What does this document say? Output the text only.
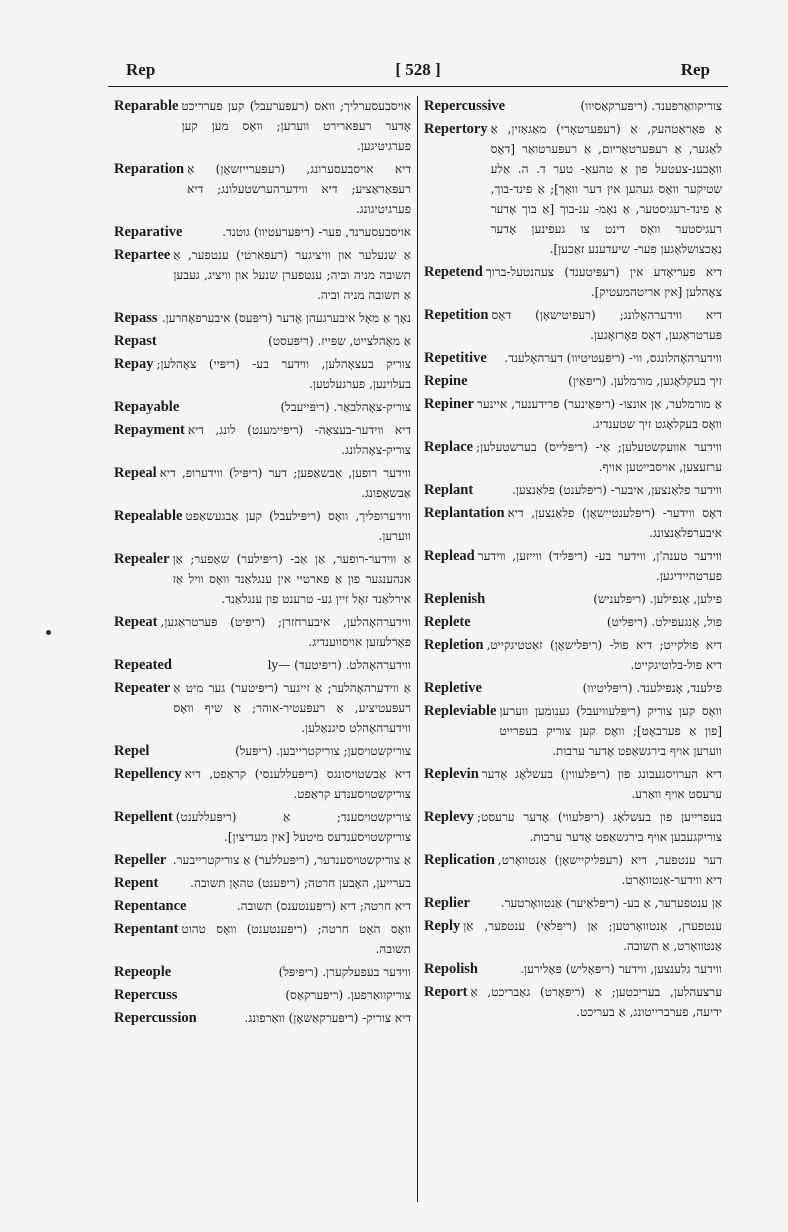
Rep	[ 528 ]	Rep
Reparable אויסבעסערליך; וואס (רעפּערעבל) קען פערריכט אָדער רעפּארירט ווערען; וואָס מען קען פערגיטיגען.
Reparation דיא אויסבעסערונג, (רעפּערייזשאָן) אַ רעפּאַראַציע; דיא ווידערהערשטעלונג; דיא פערגיטיגונג.
Reparative	אויסבעסערנד, פער- (ריפּערעטיוו) גוטנד.
Repartee אַ שנעלער און וויציגער (רעפּארטי) ענטפער, אַ תשובה מניה וביה; ענטפערן שנעל און וויציג, געבען אַ תשובה מניה וביה.
Repass נאָך אַ מאָל איבערגעהן אָדער (ריפּעס) איבערפאָהרען.
Repast	אַ מאָהלצייט, שפּייז. (ריפּעסט)
Repay צוריק בעצאָהלען, ווידער בע- (ריפּיי) צאָהלען; בעלוינען, פערגעלטען.
Repayable	צוריק-צאָהלבאַר. (ריפּייעבל)
Repayment דיא ווידער-בעצאָה- (ריפּיימענט) לונג, דיא צוריק-צאָהלונג.
Repeal ווידער רופען, אַבשאַפען; דער (ריפּיל) ווידערופ, דיא אַבשאַפונג.
Repealable ווידערופליך, וואָס (ריפּילעבל) קען אַבגעשאַפט ווערען.
Repealer אַ ווידער-רופער, אַן אַב- (ריפּילער) שאַפער; אַן אנהענגער פון אַ פּארטיי אין ענגלאַנד וואָס וויל אַז אירלאַנד זאָל זיין גע- טרענט פון ענגלאַנד.
Repeat ווידערהאָהלען, איבערחזרן; (ריפּיט) פּערטראַגען, פאָרלעזען אויסווענדיג.
Repeated	ווידערהאָהלט. (ריפּיטעד) —ly
Repeater אַ ווידערהאָהלער; אַ זייגער (ריפּיטער) גער מיט אַ רעפּעטיציע, אַ רעפּעטיר-אוהר; אַ שיף וואָס ווידערהאָהלט סיגנאַלען.
Repel	צוריקשטויסען; צוריקטרייבען. (ריפּעל)
Repellency דיא אַבשטויסונגס (ריפּעללענסי) קראַפט, דיא צוריקשטויסענדע קראַפט.
Repellent צוריקשטויסענד; אַ (ריפּעללענט) צוריקשטויסענדעס מיטעל [אין מעדיצין].
Repeller אַ צוריקשטויסענדער, (ריפּעללער) אַ צוריקטרייבער.
Repent	בערייען, האָבען חרטה; (ריפּענט) טהאָן תשובה.
Repentance	דיא חרטה; דיא (ריפּענטענס) תשובה.
Repentant וואָס האָט חרטה; (ריפּענטענט) וואָס טהוט תשובה.
Repeople	ווידער בעפעלקערן. (ריפּיפּל)
Repercuss	צוריקוואַרפען. (ריפּערקאַס)
Repercussion	דיא צוריק- (ריפּערקאַשאָן) וואַרפונג.
Repercussive	צוריקוואַרפענד. (ריפּערקאַסיוו)
Repertory אַ פּאַראַטהעק, אַ (רעפּערטאָרי) מאַגאַזין, אַ לאַגער, אַ רעפּערטאַריום, אַ רעפּערטואַר [דאָס וואָכענ-צעטעל פון אַ טהעאַ- טער ד. ה. אַלע שטיקער וואָס געהען אין דער וואָך]; אַ פינד-בוך, אַ פינד-רעגיסטער, אַ נאָמ- ענ-בוך [אַ בוך אָדער רעגיסטער וואָס דינט צו געפינען אָדער נאַכצושלאָגען פער- שיעדענע זאַכען].
Repetend דיא פעריאָדע אין (רעפּיטענד) צעהנטעל-ברוך צאָהלען [אין אריטהמעטיק].
Repetition דיא ווידערהאָלונג; (רעפּיטישאָן) דאָס פּערטראַגען, דאָס פאָרזאָגען.
Repetitive	ווידערהאָהלונגס, ווי- (ריפּעטיטיוו) דערהאָלענד.
Repine	זיך בעקלאָגען, מורמלען. (ריפּאַין)
Repiner אַ מורמלער, אַן אונצו- (ריפּאַינער) פרידענער, איינער וואָס בעקלאָגט זיך שטענדיג.
Replace ווידער אוועקשטעלען; אַי- (ריפּלייס) בערשטעלען; ערזעצען, אויסבייטען אויף.
Replant	ווידער פלאַנצען, איבער- (ריפּלענט) פלאַנצען.
Replantation דאָס ווידער- (ריפּלענטיישאָן) פלאַנצען, דיא איבערפלאַנצונג.
Replead ווידער טענה'ן, ווידער בע- (ריפּליד) ווייזען, ווידער פערטהיידיגען.
Replenish	פילען, אָנפילען. (ריפּלעניש)
Replete	פול, אָנגעפילט. (ריפּליט)
Repletion דיא פולקייט; דיא פול- (ריפּלישאָן) זאַטטיגקייט, דיא פול-בלוטיגקייט.
Repletive	פילענד, אָנפילענד. (ריפּליטיוו)
Repleviable וואָס קען צוריק (ריפּלעוויעבל) גענומען ווערען [פון אַ פערבאָט]; וואָס קען צוריק בעפרייט ווערען אויף בירגשאַפט אָדער ערבות.
Replevin דיא הערויסגעבונג פון (ריפּלעווין) בעשלאָג אָדער ערעסט אויף וואַרע.
Replevy בעפרייען פון בעשלאָג (ריפּלעווי) אָדער ערעסט; צוריקגעבען אויף בירגשאַפט אָדער ערבות.
Replication דער ענטפער, דיא (רעפּליקיישאָן) אַנטוואָרט, דיא ווידער-אַנטוואָרט.
Replier	אַן ענטפערער, אַ בע- (ריפּלאַיער) אַנטוואָרטער.
Reply ענטפערן, אַנטוואָרטען; אַן (ריפּלאַי) ענטפער, אַן אַנטוואָרט, אַ תשובה.
Repolish	ווידער גלענצען, ווידער (ריפּאָליש) פּאָלירען.
Report ערצעהלען, בעריכטען; אַ (ריפּאָרט) גאַבריכט, אַ ידיעה, פערברייטונג, אַ בעריכט.
